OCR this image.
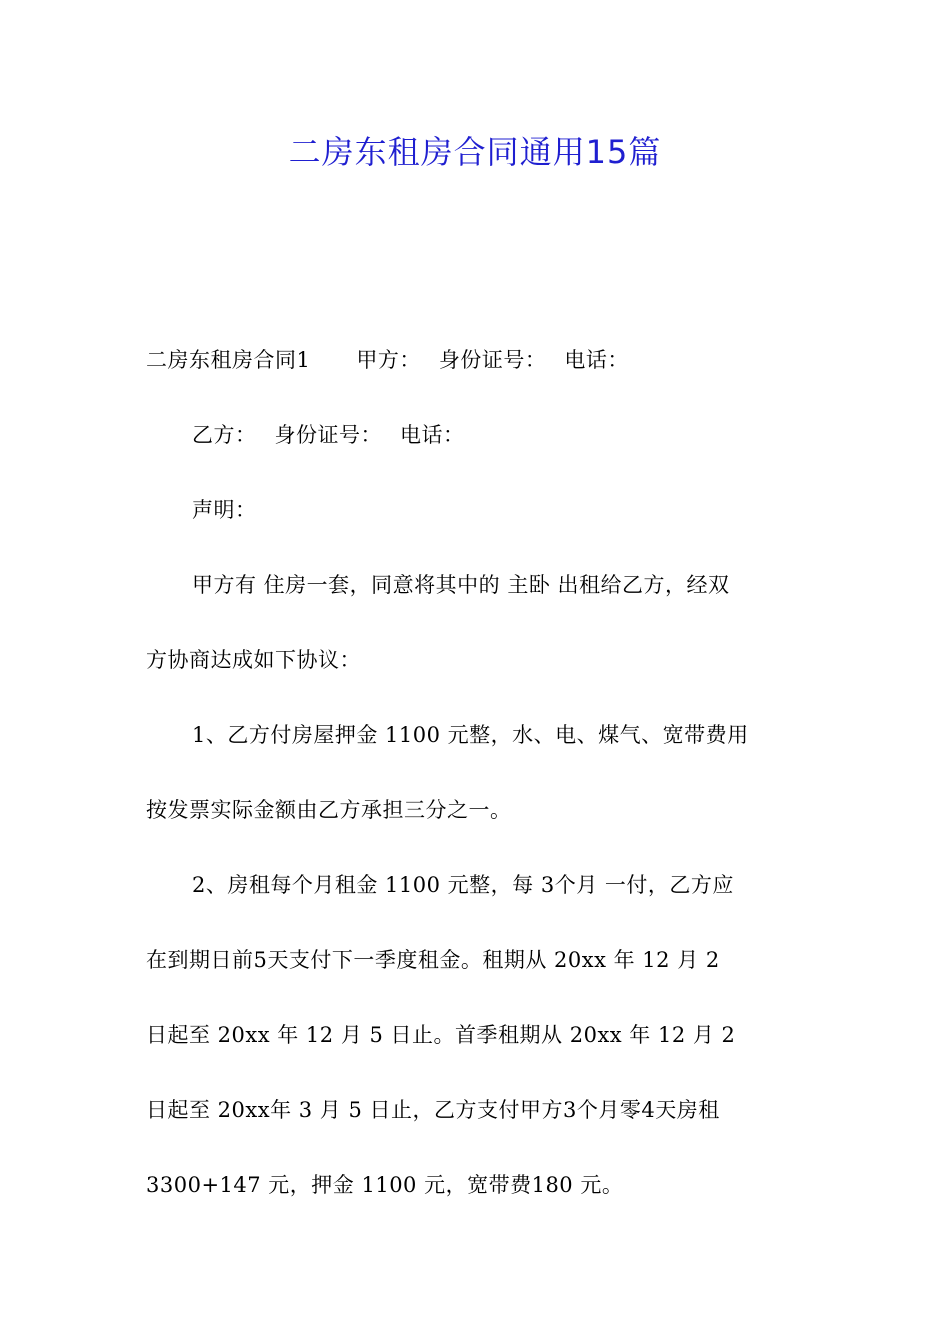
二房东租房合同通用15篇
二房东租房合同1 甲方： 身份证号： 电话：
乙方： 身份证号： 电话：
声明：
甲方有 住房一套，同意将其中的 主卧 出租给乙方，经双
方协商达成如下协议：
1、乙方付房屋押金 1100 元整，水、电、煤气、宽带费用
按发票实际金额由乙方承担三分之一。
2、房租每个月租金 1100 元整，每 3个月 一付，乙方应
在到期日前5天支付下一季度租金。租期从 20xx 年 12 月 2
日起至 20xx 年 12 月 5 日止。首季租期从 20xx 年 12 月 2
日起至 20xx年 3 月 5 日止，乙方支付甲方3个月零4天房租
3300+147 元，押金 1100 元，宽带费180 元。
